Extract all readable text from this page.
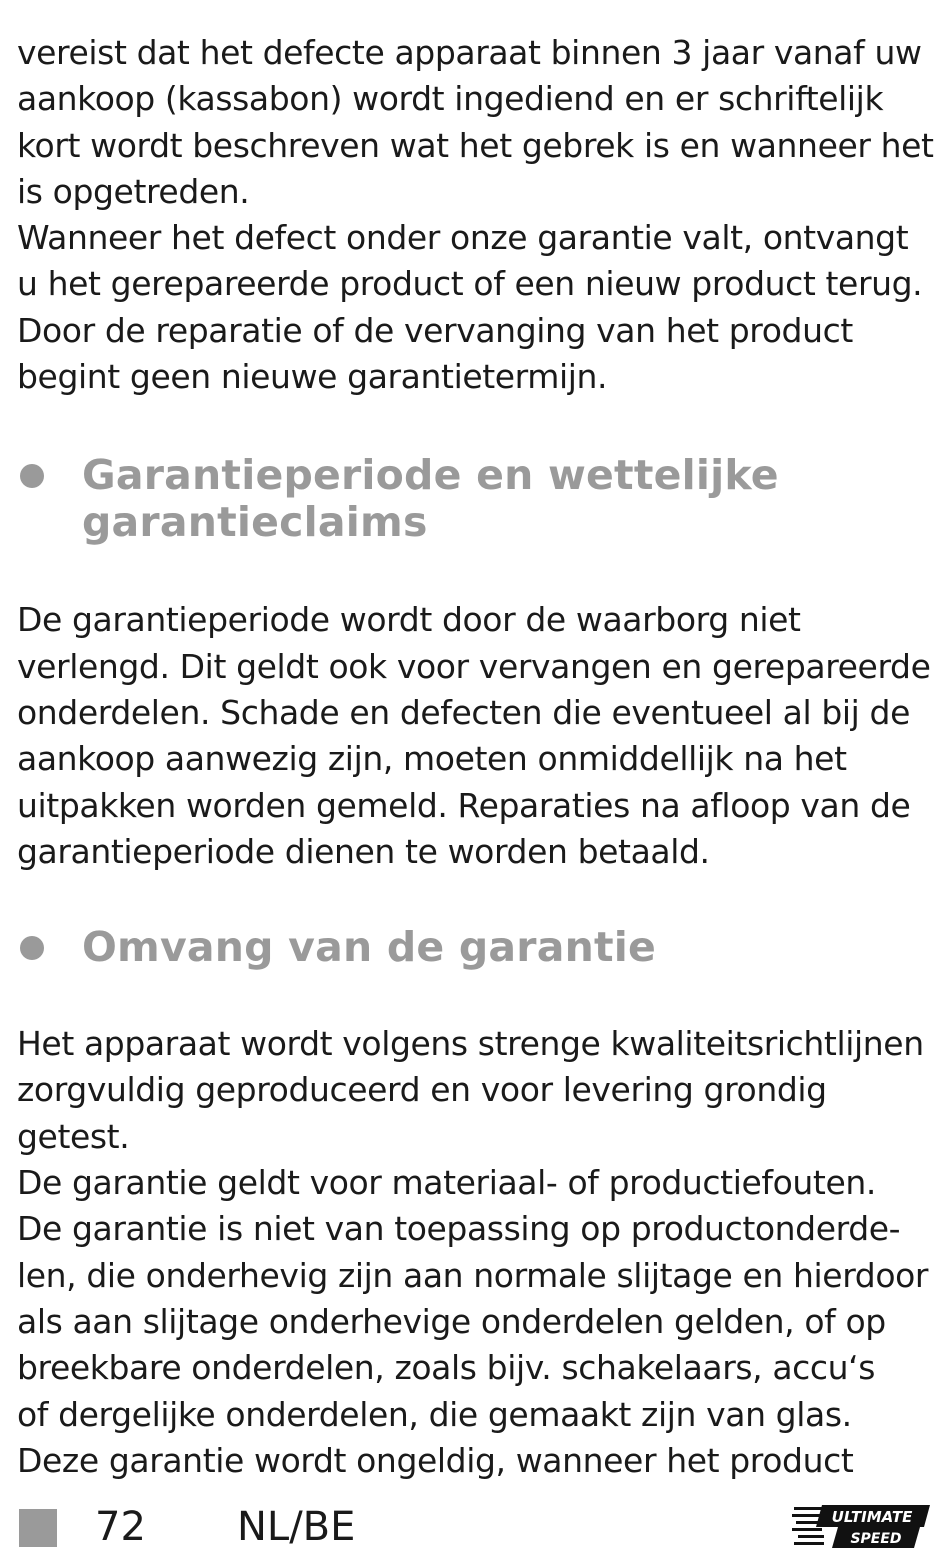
vereist dat het defecte apparaat binnen 3 jaar vanaf uw
aankoop (kassabon) wordt ingediend en er schriftelijk
kort wordt beschreven wat het gebrek is en wanneer het
is opgetreden.
Wanneer het defect onder onze garantie valt, ontvangt
u het gerepareerde product of een nieuw product terug.
Door de reparatie of de vervanging van het product
begint geen nieuwe garantietermijn.

Garantieperiode en wettelijke
garantieclaims

De garantieperiode wordt door de waarborg niet
verlengd. Dit geldt ook voor vervangen en gerepareerde
onderdelen. Schade en defecten die eventueel al bij de
aankoop aanwezig zijn, moeten onmiddellijk na het
uitpakken worden gemeld. Reparaties na afloop van de
garantieperiode dienen te worden betaald.

Omvang van de garantie

Het apparaat wordt volgens strenge kwaliteitsrichtlijnen
zorgvuldig geproduceerd en voor levering grondig
getest.
De garantie geldt voor materiaal- of productiefouten.
De garantie is niet van toepassing op productonderde-
len, die onderhevig zijn aan normale slijtage en hierdoor
als aan slijtage onderhevige onderdelen gelden, of op
breekbare onderdelen, zoals bijv. schakelaars, accu‘s
of dergelijke onderdelen, die gemaakt zijn van glas.
Deze garantie wordt ongeldig, wanneer het product

72 NL/BE	ULTIMATE
SPEED
